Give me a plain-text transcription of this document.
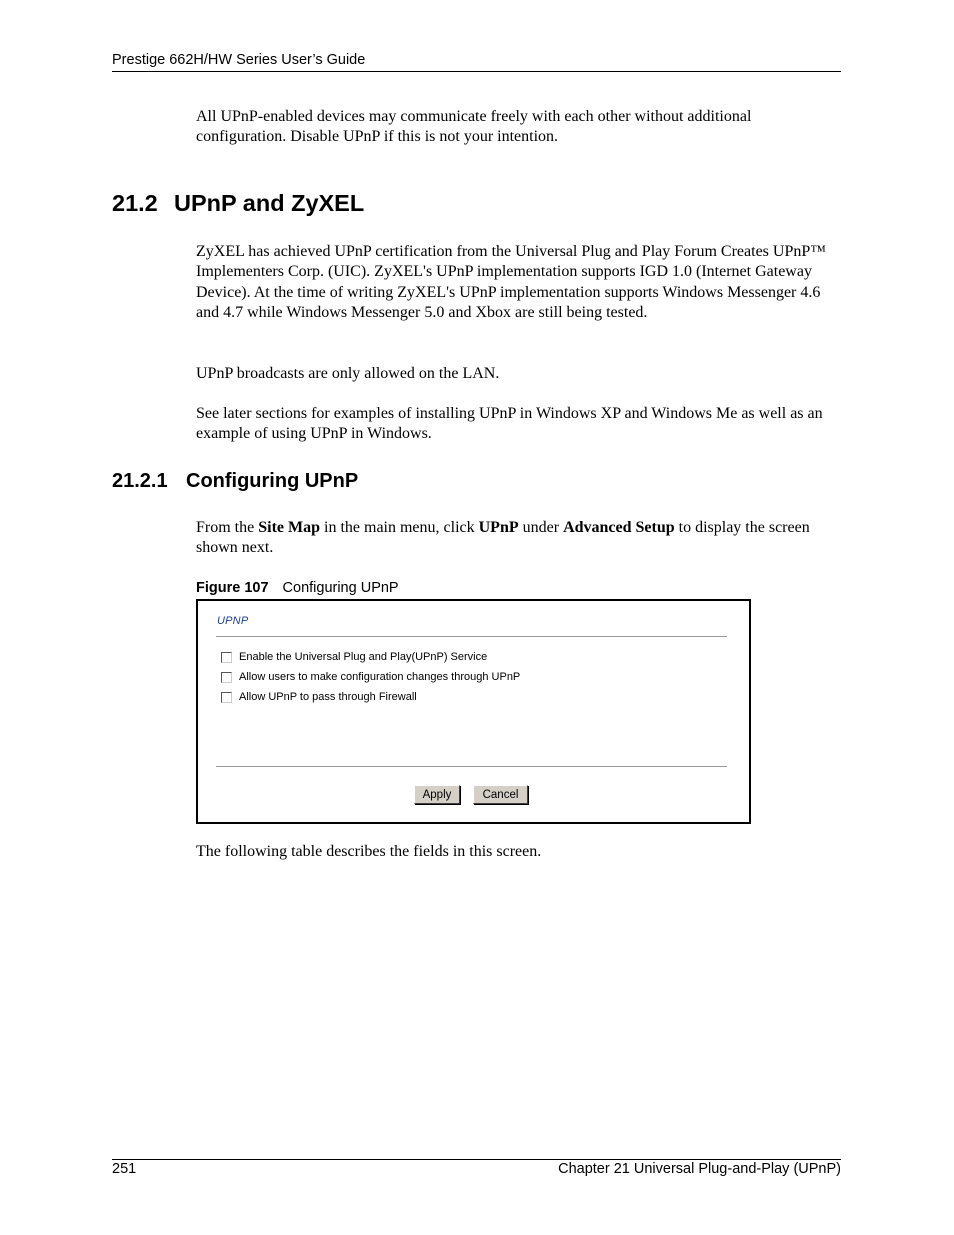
Prestige 662H/HW Series User’s Guide
All UPnP-enabled devices may communicate freely with each other without additional configuration. Disable UPnP if this is not your intention.
21.2 UPnP and ZyXEL
ZyXEL has achieved UPnP certification from the Universal Plug and Play Forum Creates UPnP™ Implementers Corp. (UIC). ZyXEL's UPnP implementation supports IGD 1.0 (Internet Gateway Device). At the time of writing ZyXEL's UPnP implementation supports Windows Messenger 4.6 and 4.7 while Windows Messenger 5.0 and Xbox are still being tested.
UPnP broadcasts are only allowed on the LAN.
See later sections for examples of installing UPnP in Windows XP and Windows Me as well as an example of using UPnP in Windows.
21.2.1 Configuring UPnP
From the Site Map in the main menu, click UPnP under Advanced Setup to display the screen shown next.
Figure 107 Configuring UPnP
UPNP
Enable the Universal Plug and Play(UPnP) Service
Allow users to make configuration changes through UPnP
Allow UPnP to pass through Firewall
Apply	Cancel
The following table describes the fields in this screen.
251	Chapter 21 Universal Plug-and-Play (UPnP)
